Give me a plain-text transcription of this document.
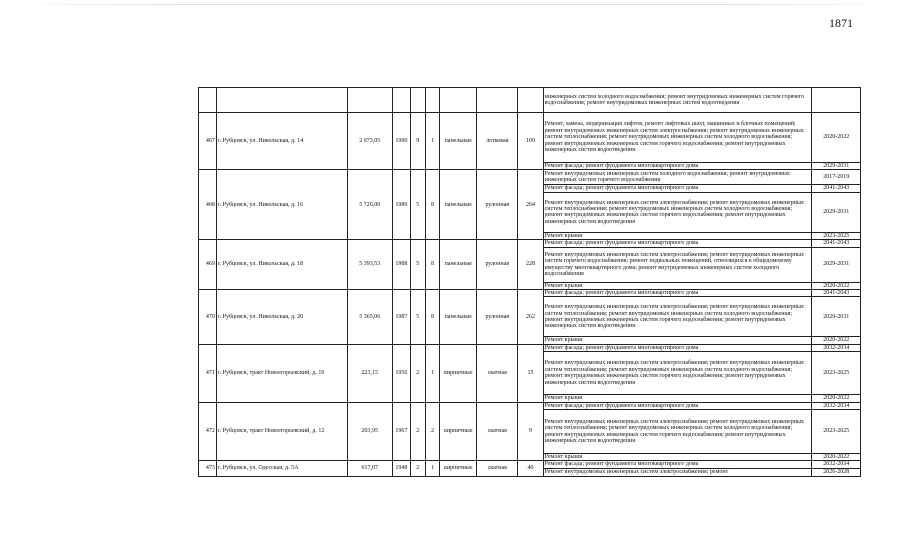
1871
									инженерных систем холодного водоснабжения; ремонт внутридомовых инженерных систем горячего водоснабжения; ремонт внутридомовых инженерных систем водоотведения	
467	г. Рубцовск, ул. Никольская, д. 14	2 973,05	1990	9	1	панельные	лотковая	109	Ремонт, замена, модернизация лифтов, ремонт лифтовых шахт, машинных и блочных помещений; ремонт внутридомовых инженерных систем электроснабжения; ремонт внутридомовых инженерных систем теплоснабжения; ремонт внутридомовых инженерных систем холодного водоснабжения; ремонт внутридомовых инженерных систем горячего водоснабжения; ремонт внутридомовых инженерных систем водоотведения	2020-2022
									Ремонт фасада; ремонт фундамента многоквартирного дома	2029-2031
468	г. Рубцовск, ул. Никольская, д. 16	5 726,00	1989	5	8	панельные	рулонная	264	Ремонт внутридомовых инженерных систем холодного водоснабжения; ремонт внутридомовых инженерных систем горячего водоснабжения	2017-2019
									Ремонт фасада; ремонт фундамента многоквартирного дома	2041-2043
									Ремонт внутридомовых инженерных систем электроснабжения; ремонт внутридомовых инженерных систем теплоснабжения; ремонт внутридомовых инженерных систем холодного водоснабжения; ремонт внутридомовых инженерных систем горячего водоснабжения; ремонт внутридомовых инженерных систем водоотведения	2029-2031
									Ремонт крыши	2023-2025
469	г. Рубцовск, ул. Никольская, д. 18	5 393,53	1988	5	8	панельные	рулонная	228	Ремонт фасада; ремонт фундамента многоквартирного дома	2041-2043
									Ремонт внутридомовых инженерных систем электроснабжения; ремонт внутридомовых инженерных систем горячего водоснабжения; ремонт подвальных помещений, относящихся к общедомовому имуществу многоквартирного дома; ремонт внутридомовых инженерных систем холодного водоснабжения	2029-2031
									Ремонт крыши	2020-2022
470	г. Рубцовск, ул. Никольская, д. 20	5 365,06	1987	5	8	панельные	рулонная	262	Ремонт фасада; ремонт фундамента многоквартирного дома	2041-2043
									Ремонт внутридомовых инженерных систем электроснабжения; ремонт внутридомовых инженерных систем теплоснабжения; ремонт внутридомовых инженерных систем холодного водоснабжения; ремонт внутридомовых инженерных систем горячего водоснабжения; ремонт внутридомовых инженерных систем водоотведения	2029-2031
									Ремонт крыши	2020-2022
471	г. Рубцовск, тракт Новоегорьевский, д. 10	223,15	1956	2	1	кирпичные	скатная	15	Ремонт фасада; ремонт фундамента многоквартирного дома	2032-2034
									Ремонт внутридомовых инженерных систем электроснабжения; ремонт внутридомовых инженерных систем теплоснабжения; ремонт внутридомовых инженерных систем холодного водоснабжения; ремонт внутридомовых инженерных систем горячего водоснабжения; ремонт внутридомовых инженерных систем водоотведения	2023-2025
									Ремонт крыши	2020-2022
472	г. Рубцовск, тракт Новоегорьевский, д. 12	203,95	1967	2	2	кирпичные	скатная	9	Ремонт фасада; ремонт фундамента многоквартирного дома	2032-2034
									Ремонт внутридомовых инженерных систем электроснабжения; ремонт внутридомовых инженерных систем теплоснабжения; ремонт внутридомовых инженерных систем холодного водоснабжения; ремонт внутридомовых инженерных систем горячего водоснабжения; ремонт внутридомовых инженерных систем водоотведения	2023-2025
									Ремонт крыши	2020-2022
473	г. Рубцовск, ул. Одесская, д. 5А	617,07	1948	2	1	кирпичные	скатная	40	Ремонт фасада; ремонт фундамента многоквартирного дома	2032-2034
									Ремонт внутридомовых инженерных систем электроснабжения; ремонт	2026-2028
